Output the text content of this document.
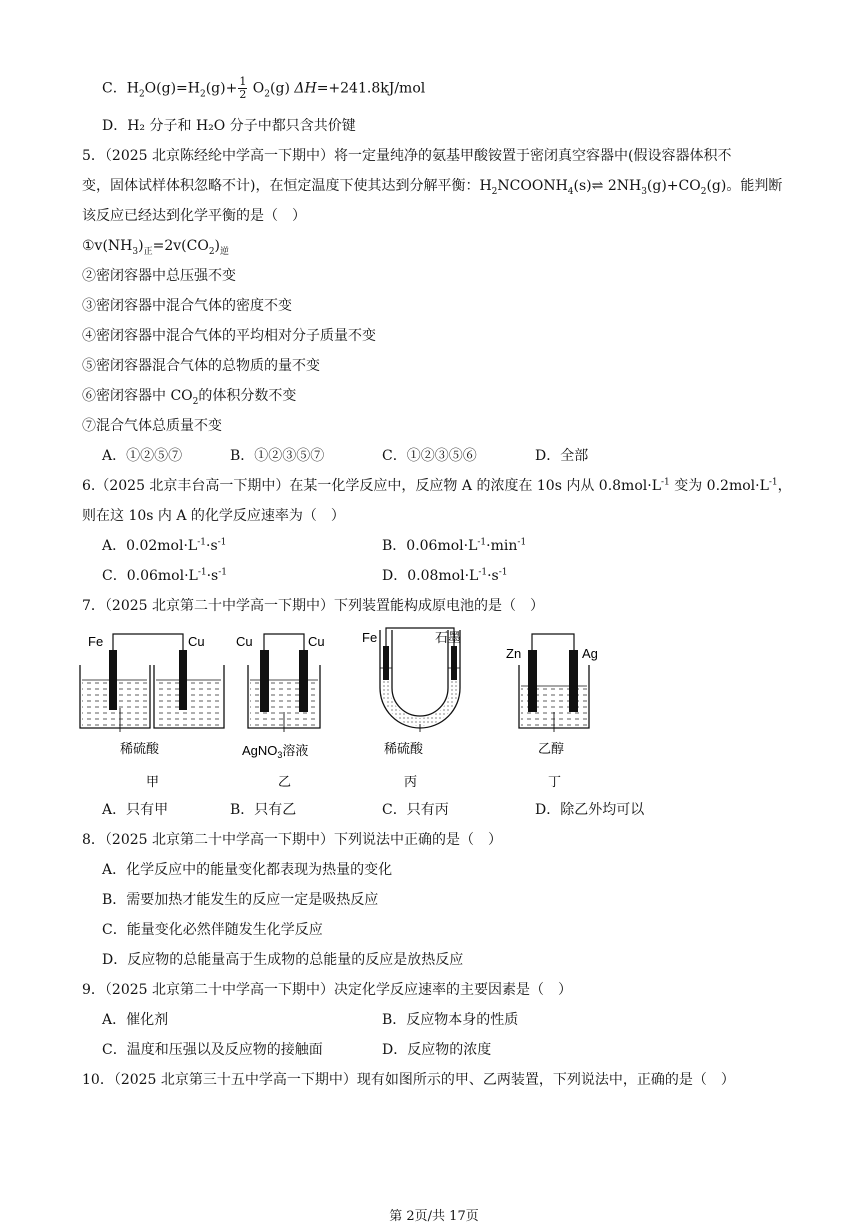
C．$H_2O(g)=H_2(g)+ \frac{1}{2} O_2(g)$ ΔH=+241.8kJ/mol
D．H₂ 分子和 H₂O 分子中都只含共价键
5．（2025 北京陈经纶中学高一下期中）将一定量纯净的氨基甲酸铵置于密闭真空容器中(假设容器体积不
变，固体试样体积忽略不计)，在恒定温度下使其达到分解平衡：$H_2NCOONH_4(s)\rightleftharpoons$ $2NH_3(g)+CO_2(g)$。能判断
该反应已经达到化学平衡的是（　）
$①v(NH_3)_正=2v(CO_2)_逆$
②密闭容器中总压强不变
③密闭容器中混合气体的密度不变
④密闭容器中混合气体的平均相对分子质量不变
⑤密闭容器混合气体的总物质的量不变
⑥密闭容器中 $CO_2$的体积分数不变
⑦混合气体总质量不变
A．①②⑤⑦	B．①②③⑤⑦	C．①②③⑤⑥	D．全部
6.（2025 北京丰台高一下期中）在某一化学反应中，反应物 A 的浓度在 10s 内从 $0.8mol\cdot L^{-1}$ 变为 $0.2mol\cdot L^{-1}$，
则在这 10s 内 A 的化学反应速率为（　）
A．$0.02mol\cdot L^{-1}\cdot s^{-1}$	B．$0.06mol\cdot L^{-1}\cdot\min^{-1}$
C．$0.06mol\cdot L^{-1}\cdot s^{-1}$	D．$0.08mol\cdot L^{-1}\cdot s^{-1}$
7．（2025 北京第二十中学高一下期中）下列装置能构成原电池的是（　）
Fe	Cu
稀硫酸
甲
Cu	Cu
AgNO$_3$溶液
乙
Fe	石墨
稀硫酸
丙
Zn	Ag
乙醇
丁
A．只有甲	B．只有乙	C．只有丙	D．除乙外均可以
8．（2025 北京第二十中学高一下期中）下列说法中正确的是（　）
A．化学反应中的能量变化都表现为热量的变化
B．需要加热才能发生的反应一定是吸热反应
C．能量变化必然伴随发生化学反应
D．反应物的总能量高于生成物的总能量的反应是放热反应
9．（2025 北京第二十中学高一下期中）决定化学反应速率的主要因素是（　）
A．催化剂	B．反应物本身的性质
C．温度和压强以及反应物的接触面	D．反应物的浓度
10．（2025 北京第三十五中学高一下期中）现有如图所示的甲、乙两装置，下列说法中，正确的是（　）
第 2页/共 17页
